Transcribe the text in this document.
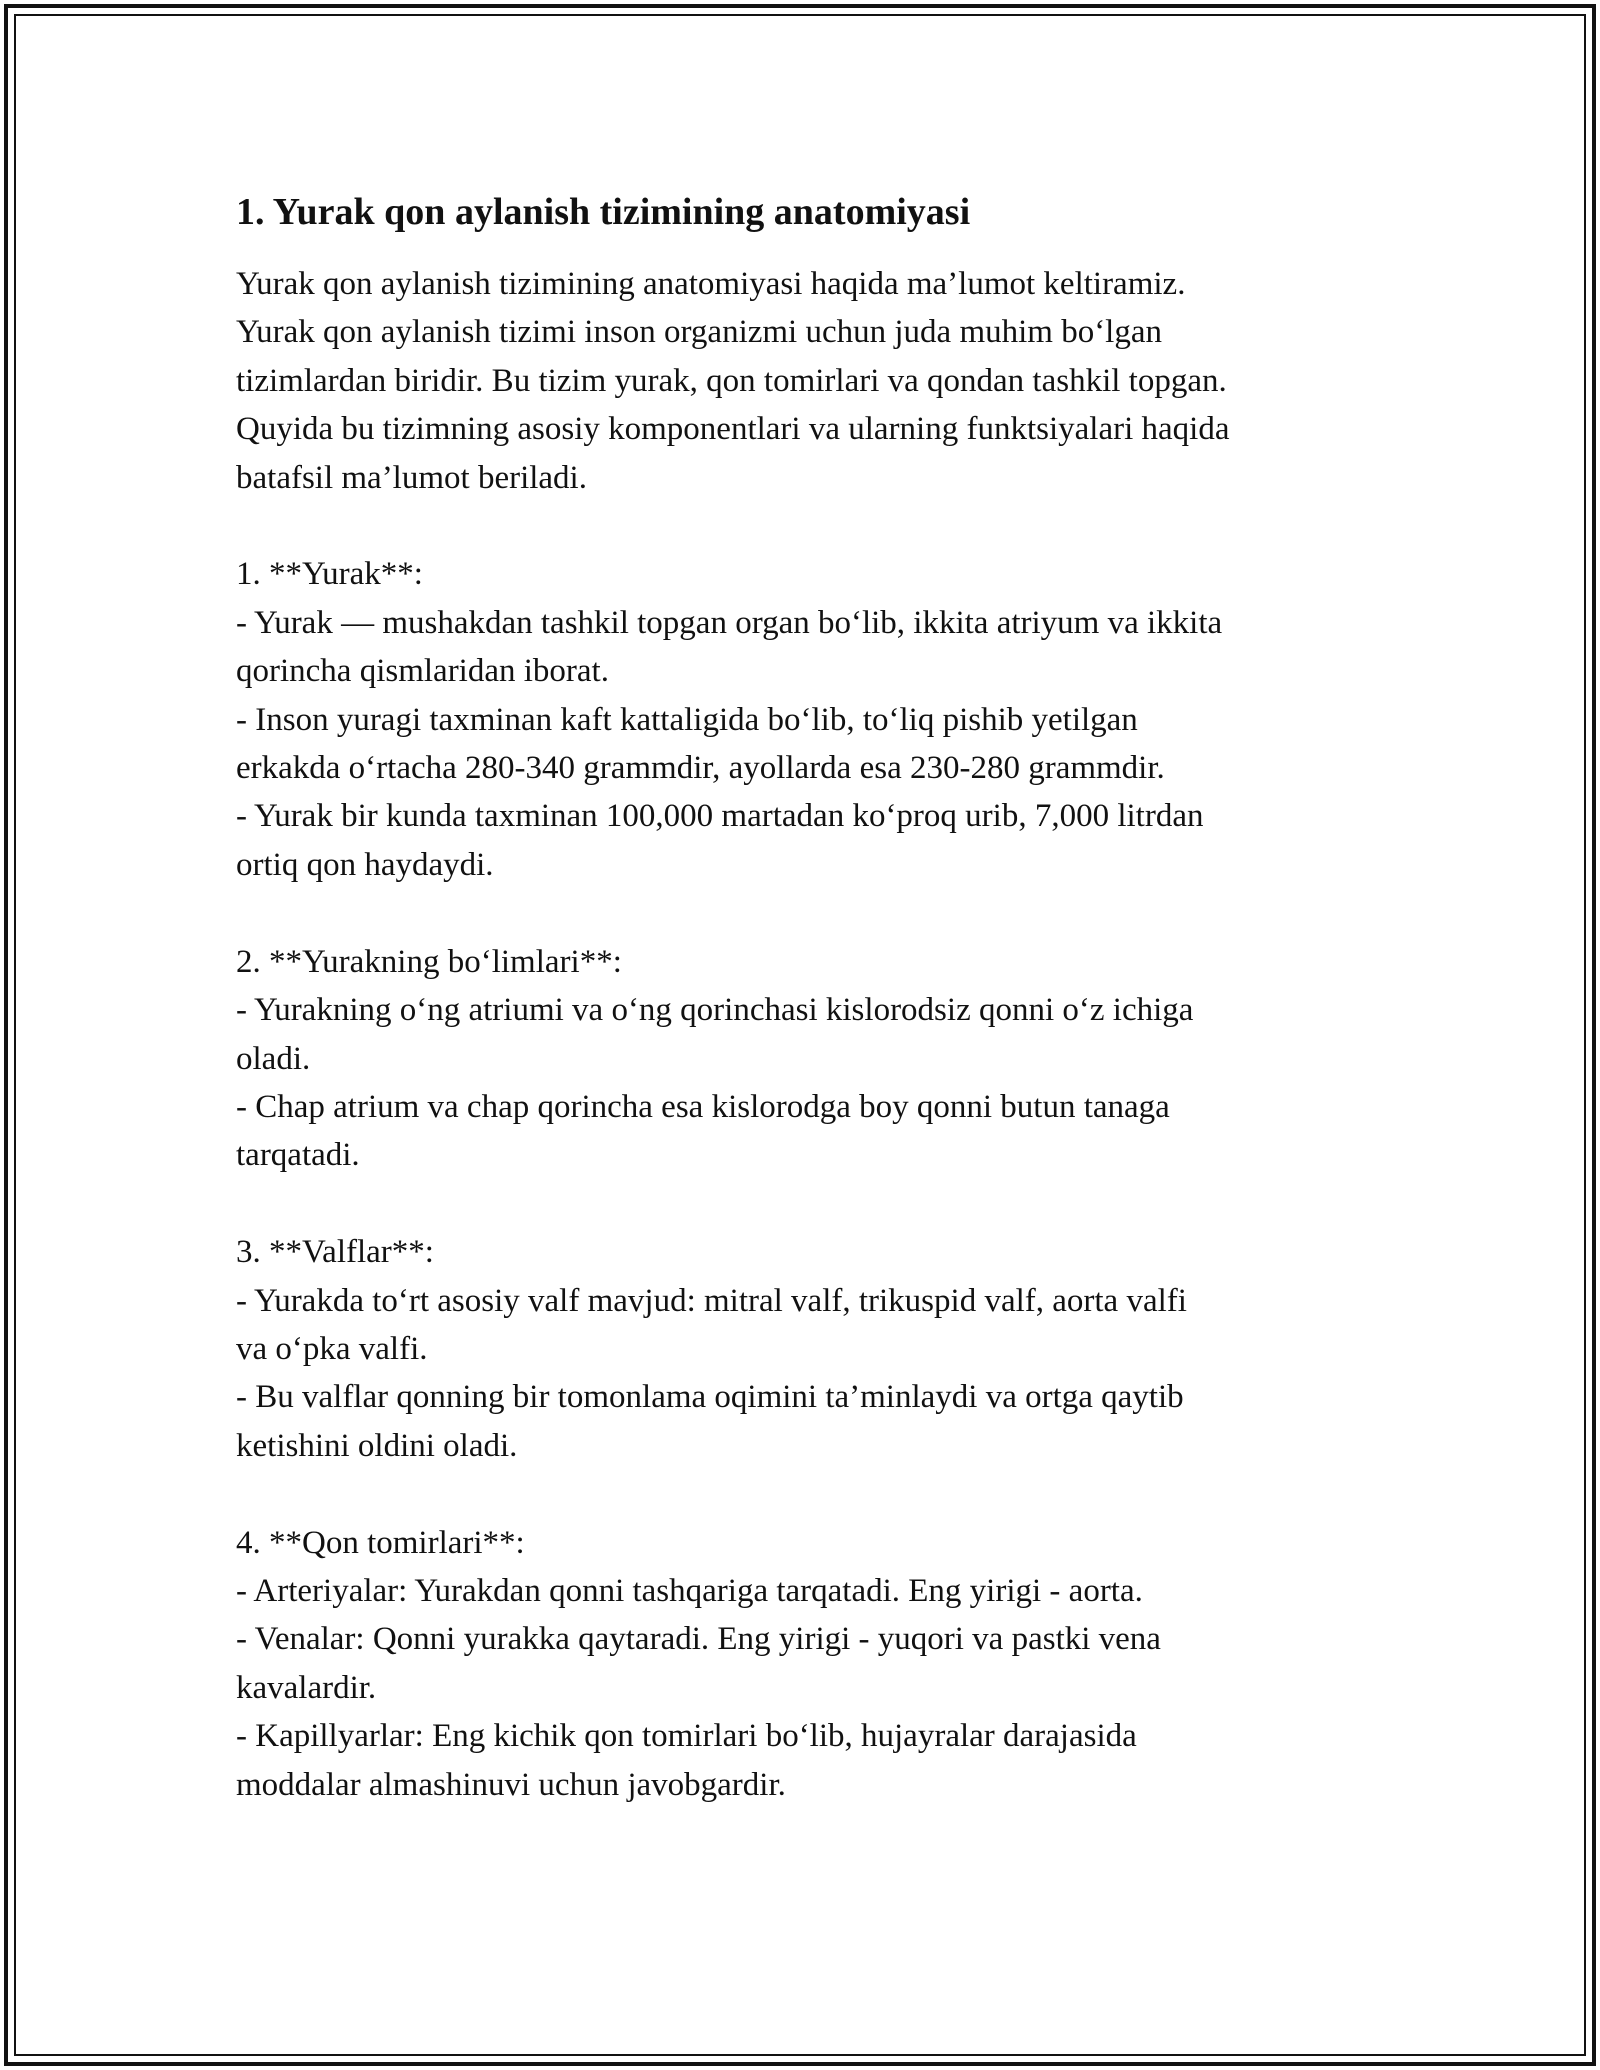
1. Yurak qon aylanish tizimining anatomiyasi
Yurak qon aylanish tizimining anatomiyasi haqida ma’lumot keltiramiz.
Yurak qon aylanish tizimi inson organizmi uchun juda muhim bo‘lgan
tizimlardan biridir. Bu tizim yurak, qon tomirlari va qondan tashkil topgan.
Quyida bu tizimning asosiy komponentlari va ularning funktsiyalari haqida
batafsil ma’lumot beriladi.

1. **Yurak**:
- Yurak — mushakdan tashkil topgan organ bo‘lib, ikkita atriyum va ikkita
qorincha qismlaridan iborat.
- Inson yuragi taxminan kaft kattaligida bo‘lib, to‘liq pishib yetilgan
erkakda o‘rtacha 280-340 grammdir, ayollarda esa 230-280 grammdir.
- Yurak bir kunda taxminan 100,000 martadan ko‘proq urib, 7,000 litrdan
ortiq qon haydaydi.

2. **Yurakning bo‘limlari**:
- Yurakning o‘ng atriumi va o‘ng qorinchasi kislorodsiz qonni o‘z ichiga
oladi.
- Chap atrium va chap qorincha esa kislorodga boy qonni butun tanaga
tarqatadi.

3. **Valflar**:
- Yurakda to‘rt asosiy valf mavjud: mitral valf, trikuspid valf, aorta valfi
va o‘pka valfi.
- Bu valflar qonning bir tomonlama oqimini ta’minlaydi va ortga qaytib
ketishini oldini oladi.

4. **Qon tomirlari**:
- Arteriyalar: Yurakdan qonni tashqariga tarqatadi. Eng yirigi - aorta.
- Venalar: Qonni yurakka qaytaradi. Eng yirigi - yuqori va pastki vena
kavalardir.
- Kapillyarlar: Eng kichik qon tomirlari bo‘lib, hujayralar darajasida
moddalar almashinuvi uchun javobgardir.
